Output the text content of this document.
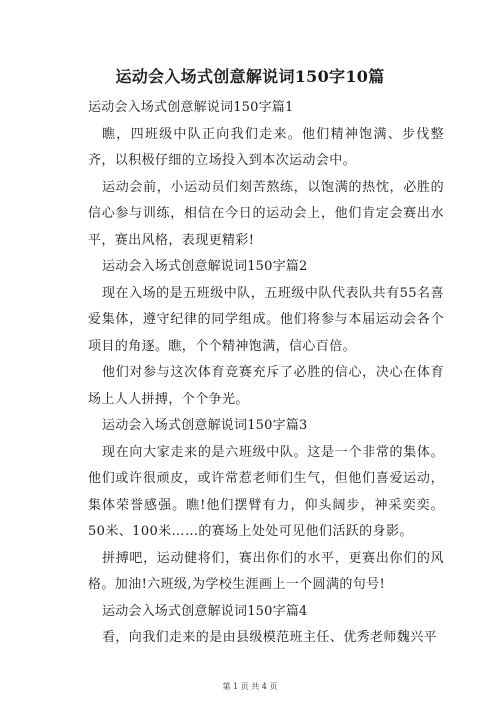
运动会入场式创意解说词150字10篇
运动会入场式创意解说词150字篇1

瞧，四班级中队正向我们走来。他们精神饱满、步伐整齐，以积极仔细的立场投入到本次运动会中。

运动会前，小运动员们刻苦熬练，以饱满的热忱，必胜的信心参与训练，相信在今日的运动会上，他们肯定会赛出水平，赛出风格，表现更精彩!

运动会入场式创意解说词150字篇2

现在入场的是五班级中队，五班级中队代表队共有55名喜爱集体，遵守纪律的同学组成。他们将参与本届运动会各个项目的角逐。瞧，个个精神饱满，信心百倍。

他们对参与这次体育竞赛充斥了必胜的信心，决心在体育场上人人拼搏，个个争光。

运动会入场式创意解说词150字篇3

现在向大家走来的是六班级中队。这是一个非常的集体。他们或许很顽皮，或许常惹老师们生气，但他们喜爱运动，集体荣誉感强。瞧!他们摆臂有力，仰头阔步，神采奕奕。50米、100米……的赛场上处处可见他们活跃的身影。

拼搏吧，运动健将们，赛出你们的水平，更赛出你们的风格。加油!六班级,为学校生涯画上一个圆满的句号!

运动会入场式创意解说词150字篇4

看，向我们走来的是由县级模范班主任、优秀老师魏兴平

第 1 页 共 4 页
